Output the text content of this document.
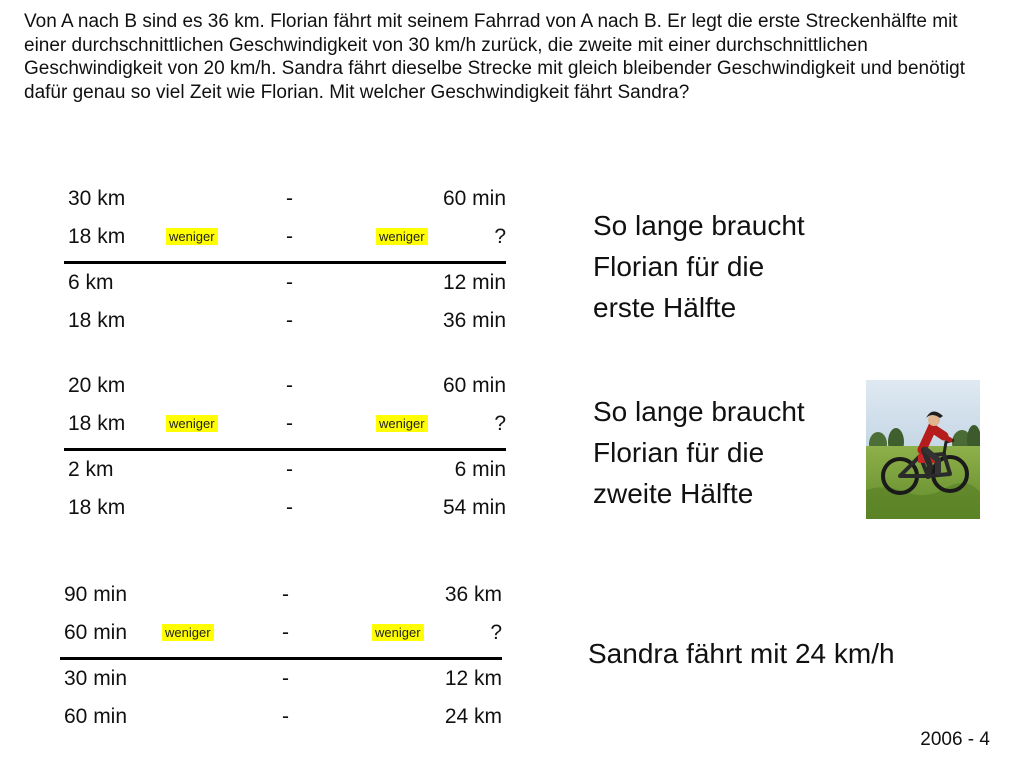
Von A nach B sind es 36 km. Florian fährt mit seinem Fahrrad von A nach B. Er legt die erste Streckenhälfte mit einer durchschnittlichen Geschwindigkeit von 30 km/h zurück, die zweite mit einer durchschnittlichen Geschwindigkeit von 20 km/h. Sandra fährt dieselbe Strecke mit gleich bleibender Geschwindigkeit und benötigt dafür genau so viel Zeit wie Florian. Mit welcher Geschwindigkeit fährt Sandra?
30 km	-	60 min
18 km	weniger	-	weniger	?
6 km	-	12 min
18 km	-	36 min
20 km	-	60 min
18 km	weniger	-	weniger	?
2 km	-	6 min
18 km	-	54 min
90 min	-	36 km
60 min	weniger	-	weniger	?
30 min	-	12 km
60 min	-	24 km
So lange braucht
Florian für die
erste Hälfte
So lange braucht
Florian für die
zweite Hälfte
Sandra fährt mit 24 km/h
2006 - 4
